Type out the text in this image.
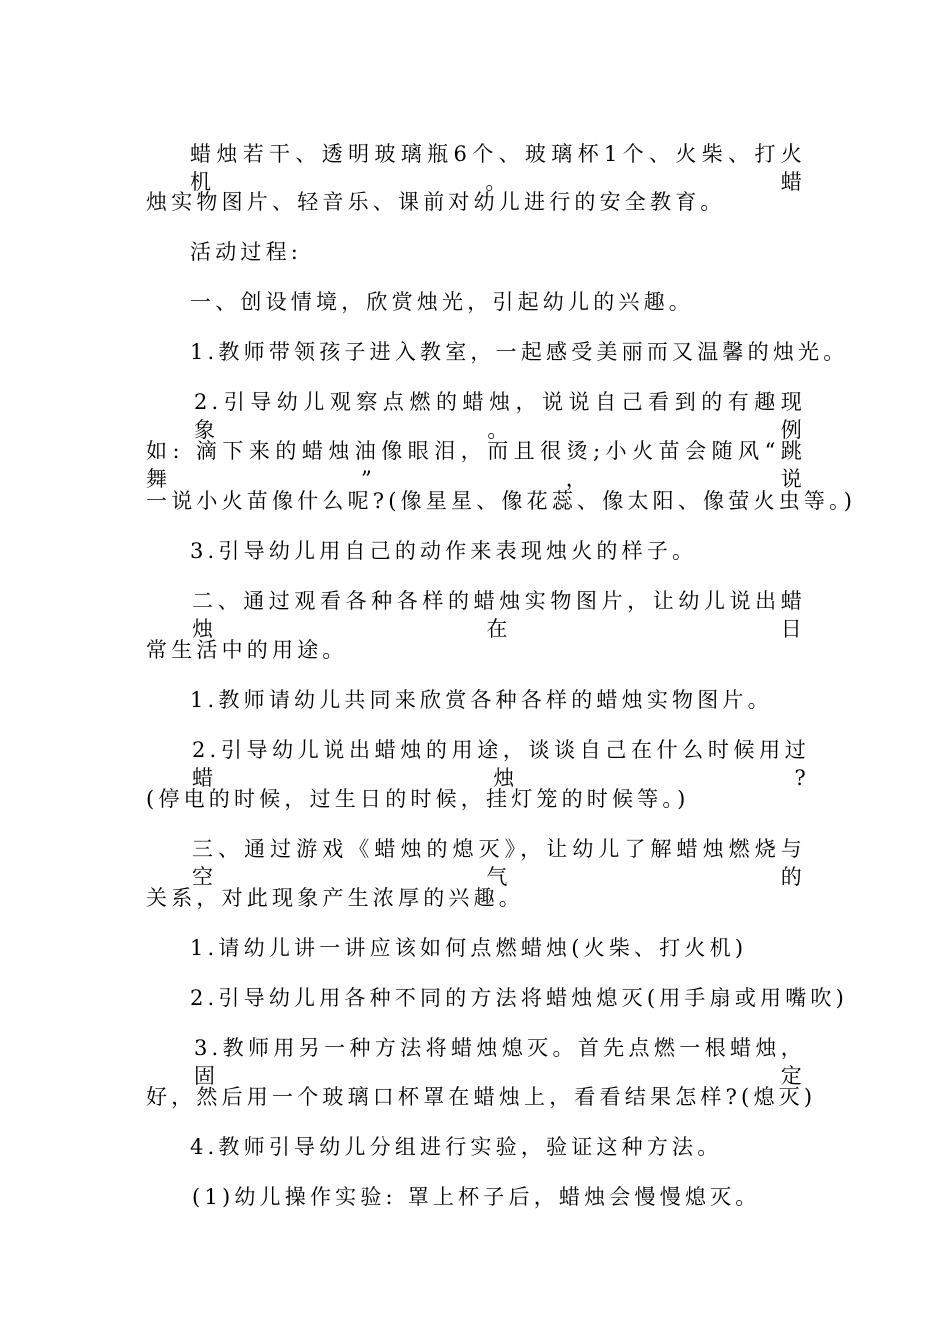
蜡烛若干、透明玻璃瓶6个、玻璃杯1个、火柴、打火机。蜡
烛实物图片、轻音乐、课前对幼儿进行的安全教育。
活动过程:
一、创设情境，欣赏烛光，引起幼儿的兴趣。
1.教师带领孩子进入教室，一起感受美丽而又温馨的烛光。
2.引导幼儿观察点燃的蜡烛，说说自己看到的有趣现象。例
如: 滴下来的蜡烛油像眼泪，而且很烫;小火苗会随风“跳舞”，说
一说小火苗像什么呢?(像星星、像花蕊、像太阳、像萤火虫等。)
3.引导幼儿用自己的动作来表现烛火的样子。
二、通过观看各种各样的蜡烛实物图片，让幼儿说出蜡烛在日
常生活中的用途。
1.教师请幼儿共同来欣赏各种各样的蜡烛实物图片。
2.引导幼儿说出蜡烛的用途，谈谈自己在什么时候用过蜡烛?
(停电的时候，过生日的时候，挂灯笼的时候等。)
三、通过游戏《蜡烛的熄灭》，让幼儿了解蜡烛燃烧与空气的
关系，对此现象产生浓厚的兴趣。
1.请幼儿讲一讲应该如何点燃蜡烛(火柴、打火机)
2.引导幼儿用各种不同的方法将蜡烛熄灭(用手扇或用嘴吹)
3.教师用另一种方法将蜡烛熄灭。首先点燃一根蜡烛，固定
好，然后用一个玻璃口杯罩在蜡烛上，看看结果怎样?(熄灭)
4.教师引导幼儿分组进行实验，验证这种方法。
(1)幼儿操作实验: 罩上杯子后，蜡烛会慢慢熄灭。
